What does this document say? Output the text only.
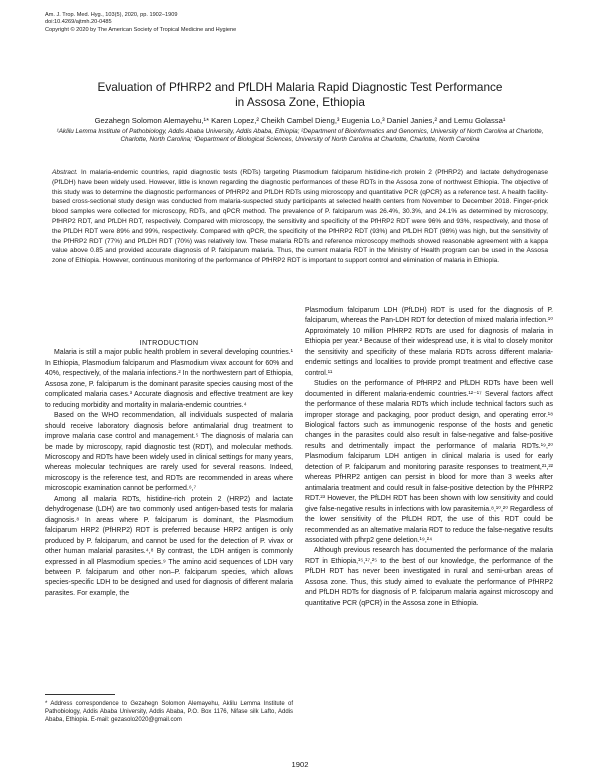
Am. J. Trop. Med. Hyg., 103(5), 2020, pp. 1902–1909
doi:10.4269/ajtmh.20-0485
Copyright © 2020 by The American Society of Tropical Medicine and Hygiene
Evaluation of PfHRP2 and PfLDH Malaria Rapid Diagnostic Test Performance
in Assosa Zone, Ethiopia
Gezahegn Solomon Alemayehu,¹* Karen Lopez,² Cheikh Cambel Dieng,³ Eugenia Lo,³ Daniel Janies,² and Lemu Golassa¹
¹Aklilu Lemma Institute of Pathobiology, Addis Ababa University, Addis Ababa, Ethiopia; ²Department of Bioinformatics and Genomics, University of North Carolina at Charlotte, Charlotte, North Carolina; ³Department of Biological Sciences, University of North Carolina at Charlotte, Charlotte, North Carolina
Abstract. In malaria-endemic countries, rapid diagnostic tests (RDTs) targeting Plasmodium falciparum histidine-rich protein 2 (PfHRP2) and lactate dehydrogenase (PfLDH) have been widely used. However, little is known regarding the diagnostic performances of these RDTs in the Assosa zone of northwest Ethiopia. The objective of this study was to determine the diagnostic performances of PfHRP2 and PfLDH RDTs using microscopy and quantitative PCR (qPCR) as a reference test. A health facility-based cross-sectional study design was conducted from malaria-suspected study participants at selected health centers from November to December 2018. Finger-prick blood samples were collected for microscopy, RDTs, and qPCR method. The prevalence of P. falciparum was 26.4%, 30.3%, and 24.1% as determined by microscopy, PfHRP2 RDT, and PfLDH RDT, respectively. Compared with microscopy, the sensitivity and specificity of the PfHRP2 RDT were 96% and 93%, respectively, and those of the PfLDH RDT were 89% and 99%, respectively. Compared with qPCR, the specificity of the PfHRP2 RDT (93%) and PfLDH RDT (98%) was high, but the sensitivity of the PfHRP2 RDT (77%) and PfLDH RDT (70%) was relatively low. These malaria RDTs and reference microscopy methods showed reasonable agreement with a kappa value above 0.85 and provided accurate diagnosis of P. falciparum malaria. Thus, the current malaria RDT in the Ministry of Health program can be used in the Assosa zone of Ethiopia. However, continuous monitoring of the performance of PfHRP2 RDT is important to support control and elimination of malaria in Ethiopia.

INTRODUCTION

Malaria is still a major public health problem in several developing countries.¹ In Ethiopia, Plasmodium falciparum and Plasmodium vivax account for 60% and 40%, respectively, of the malaria infections.² In the northwestern part of Ethiopia, Assosa zone, P. falciparum is the dominant parasite species causing most of the complicated malaria cases.³ Accurate diagnosis and effective treatment are key to reducing morbidity and mortality in malaria-endemic countries.⁴

Based on the WHO recommendation, all individuals suspected of malaria should receive laboratory diagnosis before antimalarial drug treatment to improve malaria case control and management.⁵ The diagnosis of malaria can be made by microscopy, rapid diagnostic test (RDT), and molecular methods. Microscopy and RDTs have been widely used in clinical settings for many years, whereas molecular techniques are rarely used for several reasons. Indeed, microscopy is the reference test, and RDTs are recommended in areas where microscopic examination cannot be performed.⁶,⁷

Among all malaria RDTs, histidine-rich protein 2 (HRP2) and lactate dehydrogenase (LDH) are two commonly used antigen-based tests for malaria diagnosis.⁸ In areas where P. falciparum is dominant, the Plasmodium falciparum HRP2 (PfHRP2) RDT is preferred because HRP2 antigen is only produced by P. falciparum, and cannot be used for the detection of P. vivax or other human malarial parasites.⁴,⁸ By contrast, the LDH antigen is commonly expressed in all Plasmodium species.⁹ The amino acid sequences of LDH vary between P. falciparum and other non–P. falciparum species, which allows species-specific LDH to be designed and used for diagnosis of different malaria parasites. For example, the

Plasmodium falciparum LDH (PfLDH) RDT is used for the diagnosis of P. falciparum, whereas the Pan-LDH RDT for detection of mixed malaria infection.¹⁰ Approximately 10 million PfHRP2 RDTs are used for diagnosis of malaria in Ethiopia per year.² Because of their widespread use, it is vital to closely monitor the sensitivity and specificity of these malaria RDTs across different malaria-endemic settings and localities to provide prompt treatment and effective case control.¹¹

Studies on the performance of PfHRP2 and PfLDH RDTs have been well documented in different malaria-endemic countries.¹²⁻¹⁷ Several factors affect the performance of these malaria RDTs which include technical factors such as improper storage and packaging, poor product design, and operating error.¹⁸ Biological factors such as immunogenic response of the hosts and genetic changes in the parasites could also result in false-negative and false-positive results and detrimentally impact the performance of malaria RDTs.¹⁹,²⁰ Plasmodium falciparum LDH antigen in clinical malaria is used for early detection of P. falciparum and monitoring parasite responses to treatment,²¹,²² whereas PfHRP2 antigen can persist in blood for more than 3 weeks after antimalaria treatment and could result in false-positive detection by the PfHRP2 RDT.²³ However, the PfLDH RDT has been shown with low sensitivity and could give false-negative results in infections with low parasitemia.⁸,¹⁰,²⁰ Regardless of the lower sensitivity of the PfLDH RDT, the use of this RDT could be recommended as an alternative malaria RDT to reduce the false-negative results associated with pfhrp2 gene deletion.¹⁹,²⁴

Although previous research has documented the performance of the malaria RDT in Ethiopia,¹⁵,¹⁷,²⁵ to the best of our knowledge, the performance of the PfLDH RDT has never been investigated in rural and semi-urban areas of Assosa zone. Thus, this study aimed to evaluate the performance of PfHRP2 and PfLDH RDTs for diagnosis of P. falciparum malaria against microscopy and quantitative PCR (qPCR) in the Assosa zone in Ethiopia.

* Address correspondence to Gezahegn Solomon Alemayehu, Aklilu Lemma Institute of Pathobiology, Addis Ababa University, Addis Ababa, P.O. Box 1176, Nifase silk Lafto, Addis Ababa, Ethiopia. E-mail: gezasolo2020@gmail.com
1902
